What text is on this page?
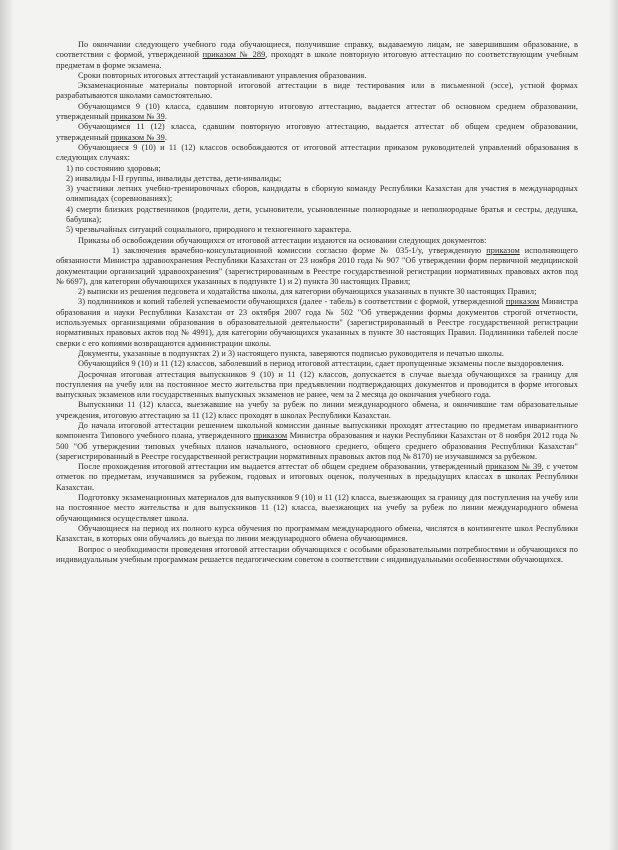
По окончании следующего учебного года обучающиеся, получившие справку, выдаваемую лицам, не завершившим образование, в соответствии с формой, утвержденной приказом № 289, проходят в школе повторную итоговую аттестацию по соответствующим учебным предметам в форме экзамена.

Сроки повторных итоговых аттестаций устанавливают управления образования.

Экзаменационные материалы повторной итоговой аттестации в виде тестирования или в письменной (эссе), устной формах разрабатываются школами самостоятельно.

Обучающимся 9 (10) класса, сдавшим повторную итоговую аттестацию, выдается аттестат об основном среднем образовании, утвержденный приказом № 39.

Обучающимся 11 (12) класса, сдавшим повторную итоговую аттестацию, выдается аттестат об общем среднем образовании, утвержденный приказом № 39.

Обучающиеся 9 (10) и 11 (12) классов освобождаются от итоговой аттестации приказом руководителей управлений образования в следующих случаях:

1) по состоянию здоровья;

2) инвалиды I-II группы, инвалиды детства, дети-инвалиды;

3) участники летних учебно-тренировочных сборов, кандидаты в сборную команду Республики Казахстан для участия в международных олимпиадах (соревнованиях);

4) смерти близких родственников (родители, дети, усыновители, усыновленные полнородные и неполнородные братья и сестры, дедушка, бабушка);

5) чрезвычайных ситуаций социального, природного и техногенного характера.

Приказы об освобождении обучающихся от итоговой аттестации издаются на основании следующих документов:

1) заключения врачебно-консультационной комиссии согласно форме № 035-1/у, утвержденную приказом исполняющего обязанности Министра здравоохранения Республики Казахстан от 23 ноября 2010 года № 907 "Об утверждении форм первичной медицинской документации организаций здравоохранения" (зарегистрированным в Реестре государственной регистрации нормативных правовых актов под № 6697), для категории обучающихся указанных в подпункте 1) и 2) пункта 30 настоящих Правил;

2) выписки из решения педсовета и ходатайства школы, для категории обучающихся указанных в пункте 30 настоящих Правил;

3) подлинников и копий табелей успеваемости обучающихся (далее - табель) в соответствии с формой, утвержденной приказом Министра образования и науки Республики Казахстан от 23 октября 2007 года № 502 "Об утверждении формы документов строгой отчетности, используемых организациями образования в образовательной деятельности" (зарегистрированный в Реестре государственной регистрации нормативных правовых актов под № 4991), для категории обучающихся указанных в пункте 30 настоящих Правил. Подлинники табелей после сверки с его копиями возвращаются администрации школы.

Документы, указанные в подпунктах 2) и 3) настоящего пункта, заверяются подписью руководителя и печатью школы.

Обучающийся 9 (10) и 11 (12) классов, заболевший в период итоговой аттестации, сдает пропущенные экзамены после выздоровления.

Досрочная итоговая аттестация выпускников 9 (10) и 11 (12) классов, допускается в случае выезда обучающихся за границу для поступления на учебу или на постоянное место жительства при предъявлении подтверждающих документов и проводится в форме итоговых выпускных экзаменов или государственных выпускных экзаменов не ранее, чем за 2 месяца до окончания учебного года.

Выпускники 11 (12) класса, выезжавшие на учебу за рубеж по линии международного обмена, и окончившие там образовательные учреждения, итоговую аттестацию за 11 (12) класс проходят в школах Республики Казахстан.

До начала итоговой аттестации решением школьной комиссии данные выпускники проходят аттестацию по предметам инвариантного компонента Типового учебного плана, утвержденного приказом Министра образования и науки Республики Казахстан от 8 ноября 2012 года № 500 "Об утверждении типовых учебных планов начального, основного среднего, общего среднего образования Республики Казахстан" (зарегистрированный в Реестре государственной регистрации нормативных правовых актов под № 8170) не изучавшимся за рубежом.

После прохождения итоговой аттестации им выдается аттестат об общем среднем образовании, утвержденный приказом № 39, с учетом отметок по предметам, изучавшимся за рубежом, годовых и итоговых оценок, полученных в предыдущих классах в школах Республики Казахстан.

Подготовку экзаменационных материалов для выпускников 9 (10) и 11 (12) класса, выезжающих за границу для поступления на учебу или на постоянное место жительства и для выпускников 11 (12) класса, выезжающих на учебу за рубеж по линии международного обмена обучающимися осуществляет школа.

Обучающиеся на период их полного курса обучения по программам международного обмена, числятся в контингенте школ Республики Казахстан, в которых они обучались до выезда по линии международного обмена обучающимися.

Вопрос о необходимости проведения итоговой аттестации обучающихся с особыми образовательными потребностями и обучающихся по индивидуальным учебным программам решается педагогическим советом в соответствии с индивидуальными особенностями обучающихся.
